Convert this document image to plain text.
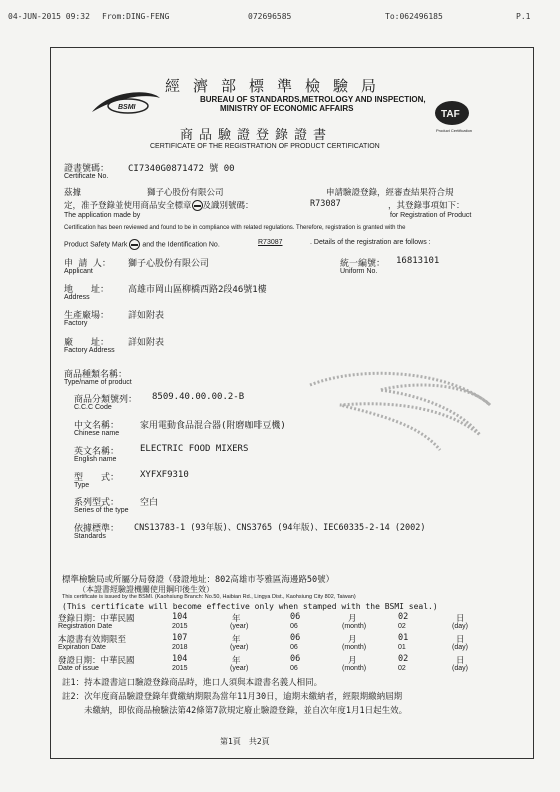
04-JUN-2015 09:32 From:DING-FENG	072696585	To:062496185	P.1
BSMI
TAF
Product Certification
經濟部標準檢驗局
BUREAU OF STANDARDS,METROLOGY AND INSPECTION,
MINISTRY OF ECONOMIC AFFAIRS
商品驗證登錄證書
CERTIFICATE OF THE REGISTRATION OF PRODUCT CERTIFICATION
證書號碼： CI7340G0871472 號 00
Certificate No.
茲據	獅子心股份有限公司	申請驗證登錄，經審查結果符合規
定，准予登錄並使用商品安全標章 及識別號碼：	R73087	，其登錄事項如下：
The application made by	for Registration of Product
Certification has been reviewed and found to be in compliance with related regulations. Therefore, registration is granted with the
Product Safety Mark and the Identification No.	R73087	. Details of the registration are follows :
申 請 人： 獅子心股份有限公司
Applicant
統一編號： 16813101
Uniform No.
地　　址： 高雄市岡山區柳橋西路2段46號1樓
Address
生產廠場： 詳如附表
Factory
廠　　址： 詳如附表
Factory Address
商品種類名稱：
Type/name of product
商品分類號列： 8509.40.00.00.2-B
C.C.C Code
中文名稱： 家用電動食品混合器(附磨咖啡豆機)
Chinese name
英文名稱： ELECTRIC FOOD MIXERS
English name
型　　式： XYFXF9310
Type
系列型式： 空白
Series of the type
依據標準： CNS13783-1 (93年版)、CNS3765 (94年版)、IEC60335-2-14 (2002)
Standards
標準檢驗局或所屬分局發證（發證地址：802高雄市苓雅區海邊路50號）
（本證書經驗證機關使用鋼印後生效）
This certificate is issued by the BSMI. (Kaohsiung Branch: No.50, Haibian Rd., Lingya Dist., Kaohsiung City 802, Taiwan)
(This certificate will become effective only when stamped with the BSMI seal.)
登錄日期：中華民國	104	年	06	月	02	日
Registration Date	2015	(year)	06	(month)	02	(day)
本證書有效期限至	107	年	06	月	01	日
Expiration Date	2018	(year)	06	(month)	01	(day)
發證日期：中華民國	104	年	06	月	02	日
Date of issue	2015	(year)	06	(month)	02	(day)
註1：持本證書這口驗證登錄商品時，進口人須與本證書名義人相同。
註2：次年度商品驗證登錄年費繳納期限為當年11月30日，逾期未繳納者，經限期繳納屆期
未繳納，即依商品檢驗法第42條第7款規定廢止驗證登錄，並自次年度1月1日起生效。
第1頁　共2頁
